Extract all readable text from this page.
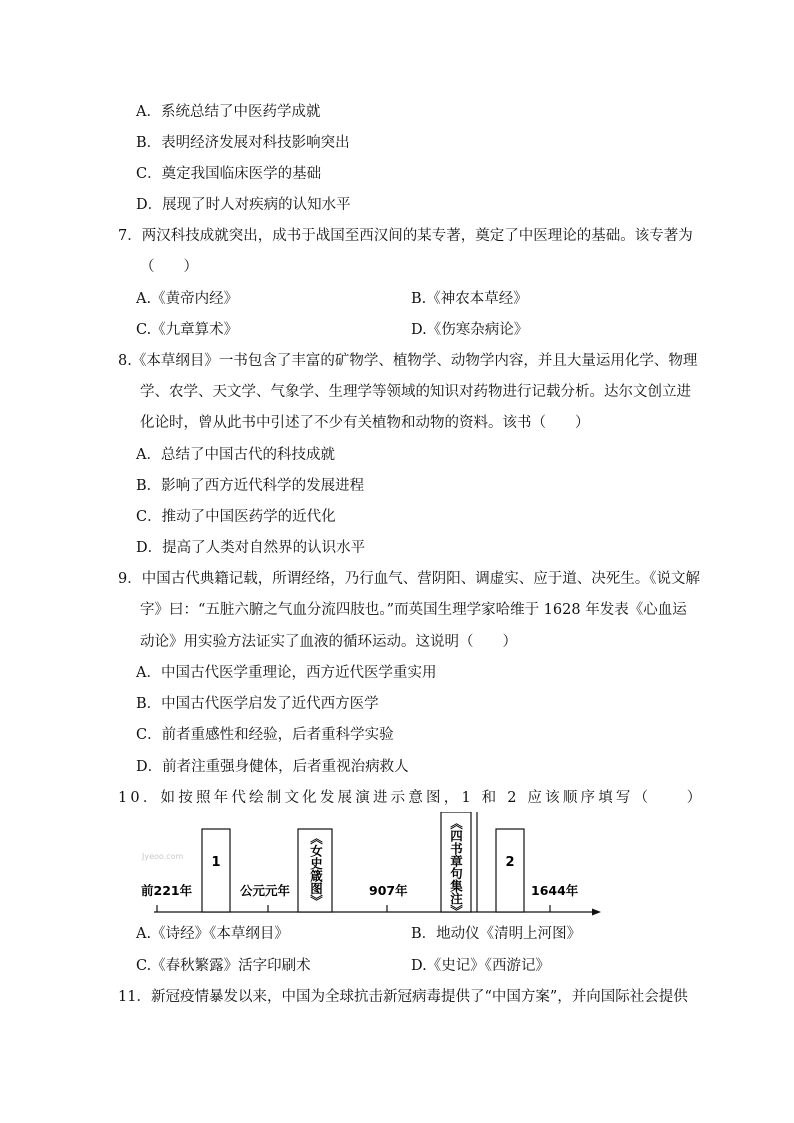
A．系统总结了中医药学成就
B．表明经济发展对科技影响突出
C．奠定我国临床医学的基础
D．展现了时人对疾病的认知水平
7．两汉科技成就突出，成书于战国至西汉间的某专著，奠定了中医理论的基础。该专著为
（　　）
A.《黄帝内经》	B.《神农本草经》
C.《九章算术》	D.《伤寒杂病论》
8.《本草纲目》一书包含了丰富的矿物学、植物学、动物学内容，并且大量运用化学、物理
学、农学、天文学、气象学、生理学等领域的知识对药物进行记载分析。达尔文创立进
化论时，曾从此书中引述了不少有关植物和动物的资料。该书（　　）
A．总结了中国古代的科技成就
B．影响了西方近代科学的发展进程
C．推动了中国医药学的近代化
D．提高了人类对自然界的认识水平
9．中国古代典籍记载，所谓经络，乃行血气、营阴阳、调虚实、应于道、决死生。《说文解
字》曰：“五脏六腑之气血分流四肢也。”而英国生理学家哈维于 1628 年发表《心血运
动论》用实验方法证实了血液的循环运动。这说明（　　）
A．中国古代医学重理论，西方近代医学重实用
B．中国古代医学启发了近代西方医学
C．前者重感性和经验，后者重科学实验
D．前者注重强身健体，后者重视治病救人
10．如按照年代绘制文化发展演进示意图，1 和 2 应该顺序填写（　　）
Jyeoo.com 1	《女史箴图》	《四书章句集注》	2
前221年	公元元年	907年	1644年
A.《诗经》《本草纲目》	B．地动仪《清明上河图》
C.《春秋繁露》活字印刷术	D.《史记》《西游记》
11．新冠疫情暴发以来，中国为全球抗击新冠病毒提供了“中国方案”，并向国际社会提供
